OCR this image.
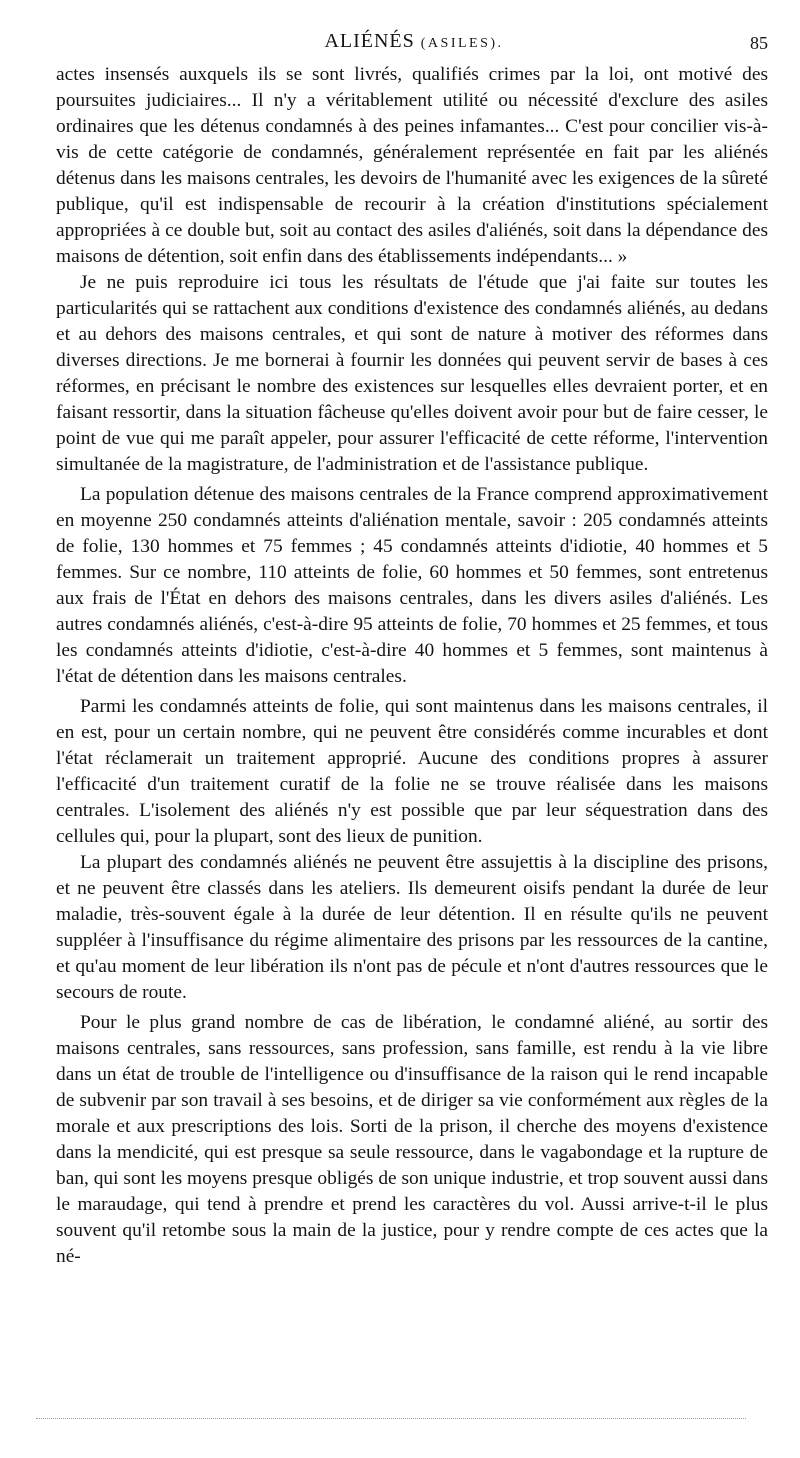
ALIÉNÉS (ASILES).	85

actes insensés auxquels ils se sont livrés, qualifiés crimes par la loi, ont motivé des poursuites judiciaires... Il n'y a véritablement utilité ou nécessité d'exclure des asiles ordinaires que les détenus condamnés à des peines infamantes... C'est pour concilier vis-à-vis de cette catégorie de condamnés, généralement représentée en fait par les aliénés détenus dans les maisons centrales, les devoirs de l'humanité avec les exigences de la sûreté publique, qu'il est indispensable de recourir à la création d'institutions spécialement appropriées à ce double but, soit au contact des asiles d'aliénés, soit dans la dépendance des maisons de détention, soit enfin dans des établissements indépendants... »

Je ne puis reproduire ici tous les résultats de l'étude que j'ai faite sur toutes les particularités qui se rattachent aux conditions d'existence des condamnés aliénés, au dedans et au dehors des maisons centrales, et qui sont de nature à motiver des réformes dans diverses directions. Je me bornerai à fournir les données qui peuvent servir de bases à ces réformes, en précisant le nombre des existences sur lesquelles elles devraient porter, et en faisant ressortir, dans la situation fâcheuse qu'elles doivent avoir pour but de faire cesser, le point de vue qui me paraît appeler, pour assurer l'efficacité de cette réforme, l'intervention simultanée de la magistrature, de l'administration et de l'assistance publique.

La population détenue des maisons centrales de la France comprend approximativement en moyenne 250 condamnés atteints d'aliénation mentale, savoir : 205 condamnés atteints de folie, 130 hommes et 75 femmes ; 45 condamnés atteints d'idiotie, 40 hommes et 5 femmes. Sur ce nombre, 110 atteints de folie, 60 hommes et 50 femmes, sont entretenus aux frais de l'État en dehors des maisons centrales, dans les divers asiles d'aliénés. Les autres condamnés aliénés, c'est-à-dire 95 atteints de folie, 70 hommes et 25 femmes, et tous les condamnés atteints d'idiotie, c'est-à-dire 40 hommes et 5 femmes, sont maintenus à l'état de détention dans les maisons centrales.

Parmi les condamnés atteints de folie, qui sont maintenus dans les maisons centrales, il en est, pour un certain nombre, qui ne peuvent être considérés comme incurables et dont l'état réclamerait un traitement approprié. Aucune des conditions propres à assurer l'efficacité d'un traitement curatif de la folie ne se trouve réalisée dans les maisons centrales. L'isolement des aliénés n'y est possible que par leur séquestration dans des cellules qui, pour la plupart, sont des lieux de punition.

La plupart des condamnés aliénés ne peuvent être assujettis à la discipline des prisons, et ne peuvent être classés dans les ateliers. Ils demeurent oisifs pendant la durée de leur maladie, très-souvent égale à la durée de leur détention. Il en résulte qu'ils ne peuvent suppléer à l'insuffisance du régime alimentaire des prisons par les ressources de la cantine, et qu'au moment de leur libération ils n'ont pas de pécule et n'ont d'autres ressources que le secours de route.

Pour le plus grand nombre de cas de libération, le condamné aliéné, au sortir des maisons centrales, sans ressources, sans profession, sans famille, est rendu à la vie libre dans un état de trouble de l'intelligence ou d'insuffisance de la raison qui le rend incapable de subvenir par son travail à ses besoins, et de diriger sa vie conformément aux règles de la morale et aux prescriptions des lois. Sorti de la prison, il cherche des moyens d'existence dans la mendicité, qui est presque sa seule ressource, dans le vagabondage et la rupture de ban, qui sont les moyens presque obligés de son unique industrie, et trop souvent aussi dans le maraudage, qui tend à prendre et prend les caractères du vol. Aussi arrive-t-il le plus souvent qu'il retombe sous la main de la justice, pour y rendre compte de ces actes que la né-
